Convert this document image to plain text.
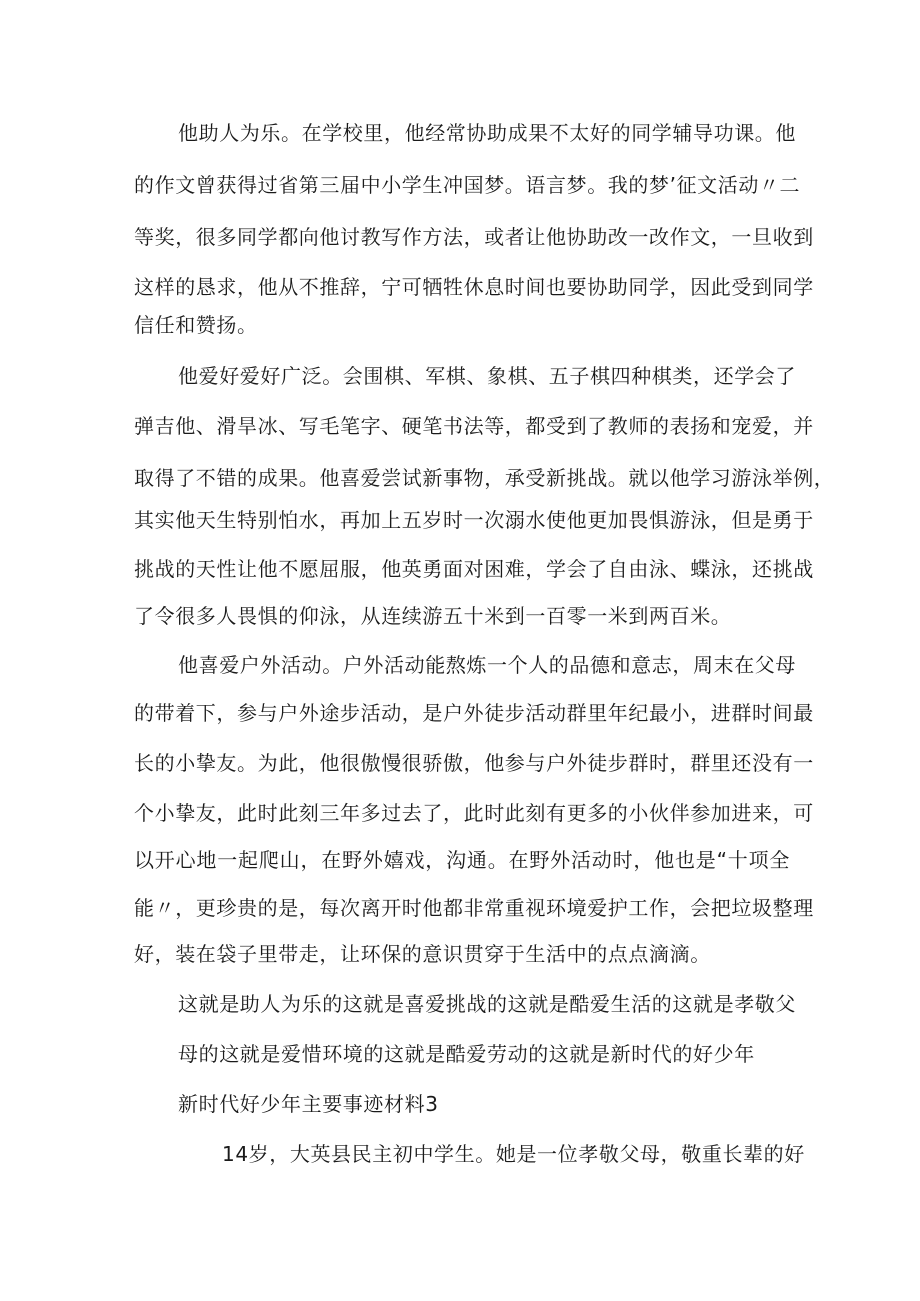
他助人为乐。在学校里，他经常协助成果不太好的同学辅导功课。他
的作文曾获得过省第三届中小学生冲国梦。语言梦。我的梦’征文活动〃二
等奖，很多同学都向他讨教写作方法，或者让他协助改一改作文，一旦收到
这样的恳求，他从不推辞，宁可牺牲休息时间也要协助同学，因此受到同学
信任和赞扬。
他爱好爱好广泛。会围棋、军棋、象棋、五子棋四种棋类，还学会了
弹吉他、滑旱冰、写毛笔字、硬笔书法等，都受到了教师的表扬和宠爱，并
取得了不错的成果。他喜爱尝试新事物，承受新挑战。就以他学习游泳举例，
其实他天生特别怕水，再加上五岁时一次溺水使他更加畏惧游泳，但是勇于
挑战的天性让他不愿屈服，他英勇面对困难，学会了自由泳、蝶泳，还挑战
了令很多人畏惧的仰泳，从连续游五十米到一百零一米到两百米。
他喜爱户外活动。户外活动能熬炼一个人的品德和意志，周末在父母
的带着下，参与户外途步活动，是户外徒步活动群里年纪最小，进群时间最
长的小挚友。为此，他很傲慢很骄傲，他参与户外徒步群时，群里还没有一
个小挚友，此时此刻三年多过去了，此时此刻有更多的小伙伴参加进来，可
以开心地一起爬山，在野外嬉戏，沟通。在野外活动时，他也是“十项全
能〃，更珍贵的是，每次离开时他都非常重视环境爱护工作，会把垃圾整理
好，装在袋子里带走，让环保的意识贯穿于生活中的点点滴滴。
这就是助人为乐的这就是喜爱挑战的这就是酷爱生活的这就是孝敬父
母的这就是爱惜环境的这就是酷爱劳动的这就是新时代的好少年
新时代好少年主要事迹材料3
14岁，大英县民主初中学生。她是一位孝敬父母，敬重长辈的好
